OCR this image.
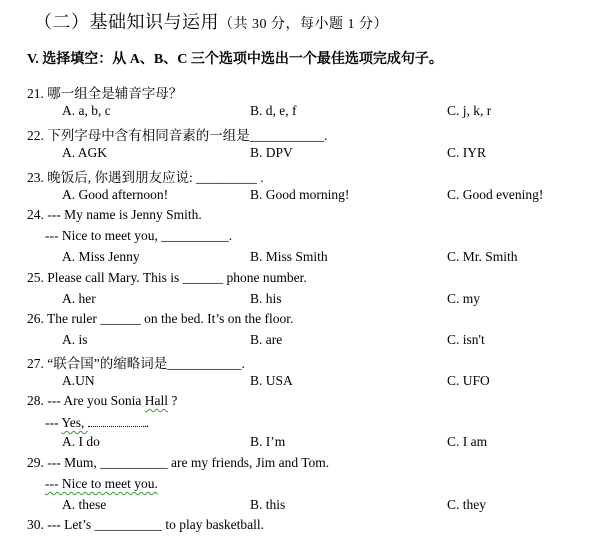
（二）基础知识与运用（共 30 分，每小题 1 分）
V. 选择填空：从 A、B、C 三个选项中选出一个最佳选项完成句子。
21. 哪一组全是辅音字母？
A. a, b, c	B. d, e, f	C. j, k, r
22. 下列字母中含有相同音素的一组是___________.
A. AGK	B. DPV	C. IYR
23. 晚饭后, 你遇到朋友应说: _________ .
A. Good afternoon!	B. Good morning!	C. Good evening!
24. --- My name is Jenny Smith.
--- Nice to meet you, __________.
A. Miss Jenny	B. Miss Smith	C. Mr. Smith
25. Please call Mary. This is ______ phone number.
A. her	B. his	C. my
26. The ruler ______ on the bed. It’s on the floor.
A. is	B. are	C. isn't
27. “联合国”的缩略词是___________.
A.UN	B. USA	C. UFO
28. --- Are you Sonia Hall ?
--- Yes,	.
A. I do	B. I’m	C. I am
29. --- Mum, __________ are my friends, Jim and Tom.
--- Nice to meet you.
A. these	B. this	C. they
30. --- Let’s __________ to play basketball.
